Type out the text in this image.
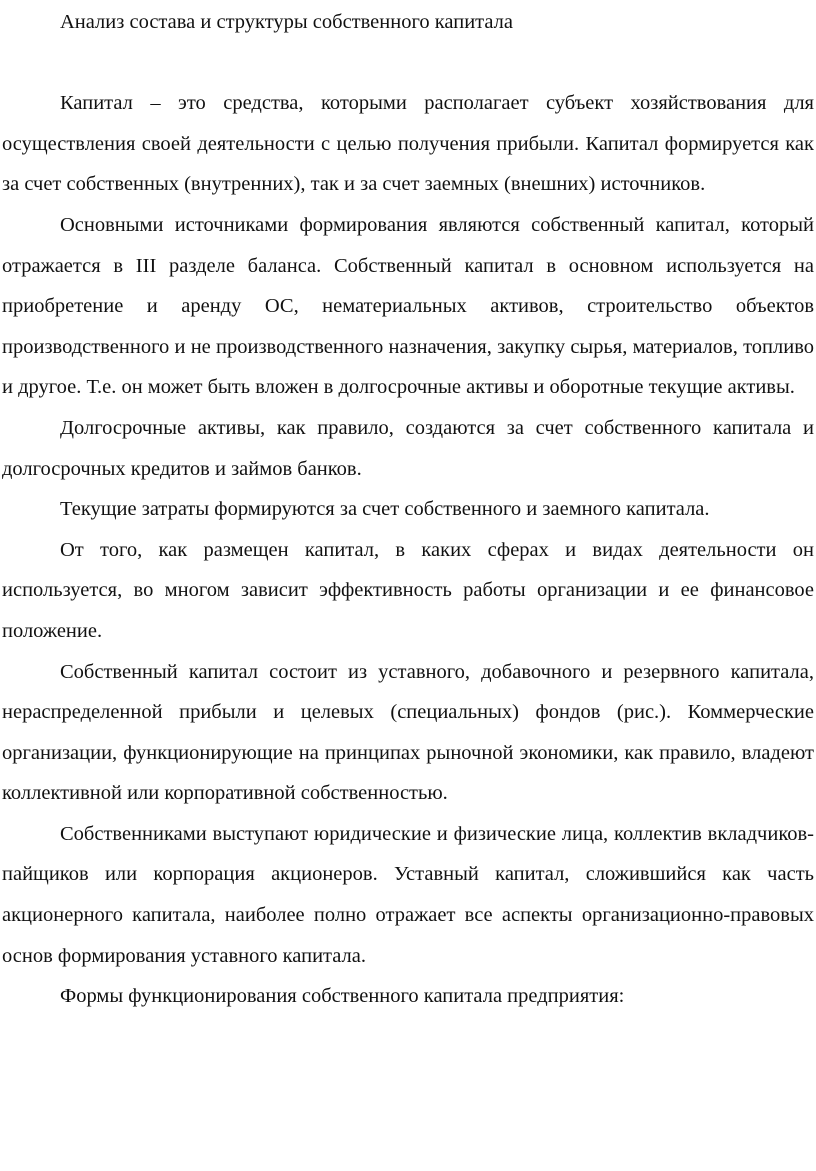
Анализ состава и структуры собственного капитала

Капитал – это средства, которыми располагает субъект хозяйствования для осуществления своей деятельности с целью получения прибыли. Капитал формируется как за счет собственных (внутренних), так и за счет заемных (внешних) источников.

Основными источниками формирования являются собственный капитал, который отражается в III разделе баланса. Собственный капитал в основном используется на приобретение и аренду ОС, нематериальных активов, строительство объектов производственного и не производственного назначения, закупку сырья, материалов, топливо и другое. Т.е. он может быть вложен в долгосрочные активы и оборотные текущие активы.

Долгосрочные активы, как правило, создаются за счет собственного капитала и долгосрочных кредитов и займов банков.

Текущие затраты формируются за счет собственного и заемного капитала.

От того, как размещен капитал, в каких сферах и видах деятельности он используется, во многом зависит эффективность работы организации и ее финансовое положение.

Собственный капитал состоит из уставного, добавочного и резервного капитала, нераспределенной прибыли и целевых (специальных) фондов (рис.). Коммерческие организации, функционирующие на принципах рыночной экономики, как правило, владеют коллективной или корпоративной собственностью.

Собственниками выступают юридические и физические лица, коллектив вкладчиков-пайщиков или корпорация акционеров. Уставный капитал, сложившийся как часть акционерного капитала, наиболее полно отражает все аспекты организационно-правовых основ формирования уставного капитала.

Формы функционирования собственного капитала предприятия:
